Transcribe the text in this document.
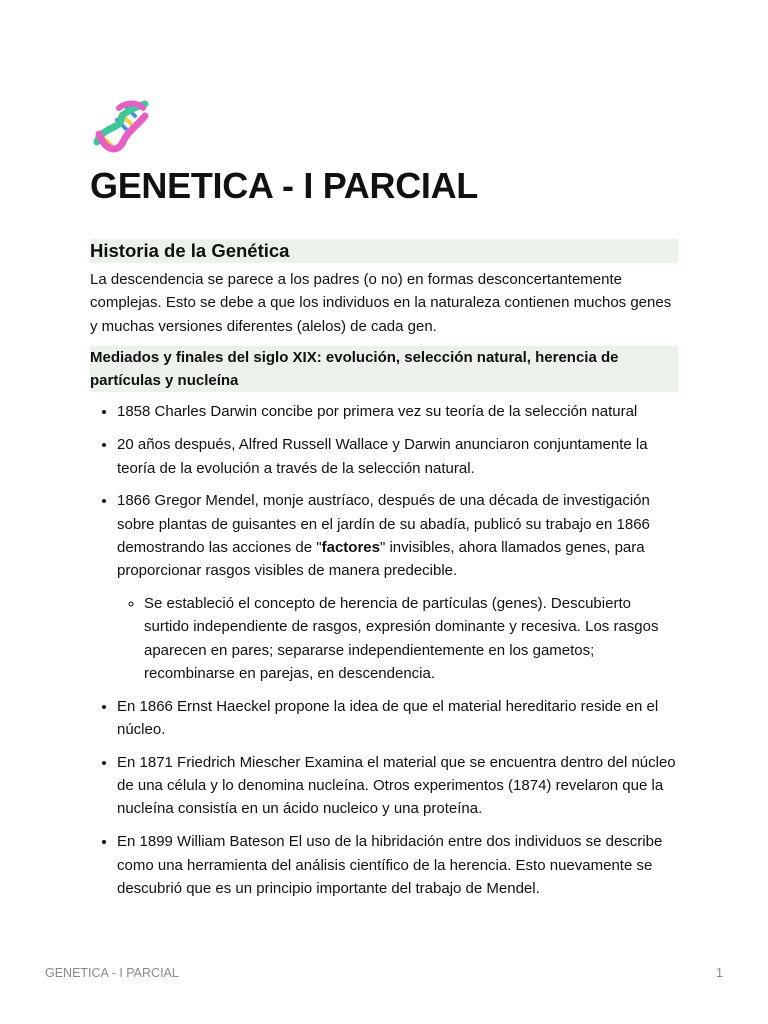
GENETICA - I PARCIAL
Historia de la Genética

La descendencia se parece a los padres (o no) en formas desconcertantemente complejas. Esto se debe a que los individuos en la naturaleza contienen muchos genes y muchas versiones diferentes (alelos) de cada gen.

Mediados y finales del siglo XIX: evolución, selección natural, herencia de partículas y nucleína
• 1858 Charles Darwin concibe por primera vez su teoría de la selección natural
• 20 años después, Alfred Russell Wallace y Darwin anunciaron conjuntamente la teoría de la evolución a través de la selección natural.
• 1866 Gregor Mendel, monje austríaco, después de una década de investigación sobre plantas de guisantes en el jardín de su abadía, publicó su trabajo en 1866 demostrando las acciones de "factores" invisibles, ahora llamados genes, para proporcionar rasgos visibles de manera predecible.
◦ Se estableció el concepto de herencia de partículas (genes). Descubierto surtido independiente de rasgos, expresión dominante y recesiva. Los rasgos aparecen en pares; separarse independientemente en los gametos; recombinarse en parejas, en descendencia.
• En 1866 Ernst Haeckel propone la idea de que el material hereditario reside en el núcleo.
• En 1871 Friedrich Miescher Examina el material que se encuentra dentro del núcleo de una célula y lo denomina nucleína. Otros experimentos (1874) revelaron que la nucleína consistía en un ácido nucleico y una proteína.
• En 1899 William Bateson El uso de la hibridación entre dos individuos se describe como una herramienta del análisis científico de la herencia. Esto nuevamente se descubrió que es un principio importante del trabajo de Mendel.
GENETICA - I PARCIAL	1
